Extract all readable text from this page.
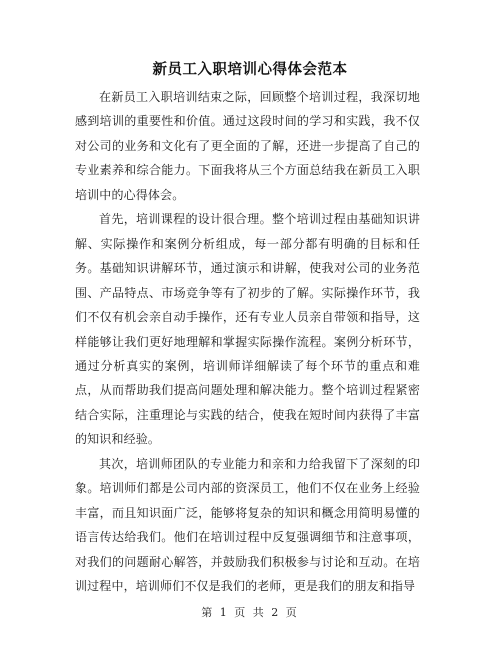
新员工入职培训心得体会范本

在新员工入职培训结束之际，回顾整个培训过程，我深切地感到培训的重要性和价值。通过这段时间的学习和实践，我不仅对公司的业务和文化有了更全面的了解，还进一步提高了自己的专业素养和综合能力。下面我将从三个方面总结我在新员工入职培训中的心得体会。

首先，培训课程的设计很合理。整个培训过程由基础知识讲解、实际操作和案例分析组成，每一部分都有明确的目标和任务。基础知识讲解环节，通过演示和讲解，使我对公司的业务范围、产品特点、市场竞争等有了初步的了解。实际操作环节，我们不仅有机会亲自动手操作，还有专业人员亲自带领和指导，这样能够让我们更好地理解和掌握实际操作流程。案例分析环节，通过分析真实的案例，培训师详细解读了每个环节的重点和难点，从而帮助我们提高问题处理和解决能力。整个培训过程紧密结合实际，注重理论与实践的结合，使我在短时间内获得了丰富的知识和经验。

其次，培训师团队的专业能力和亲和力给我留下了深刻的印象。培训师们都是公司内部的资深员工，他们不仅在业务上经验丰富，而且知识面广泛，能够将复杂的知识和概念用简明易懂的语言传达给我们。他们在培训过程中反复强调细节和注意事项，对我们的问题耐心解答，并鼓励我们积极参与讨论和互动。在培训过程中，培训师们不仅是我们的老师，更是我们的朋友和指导

第 1 页 共 2 页
